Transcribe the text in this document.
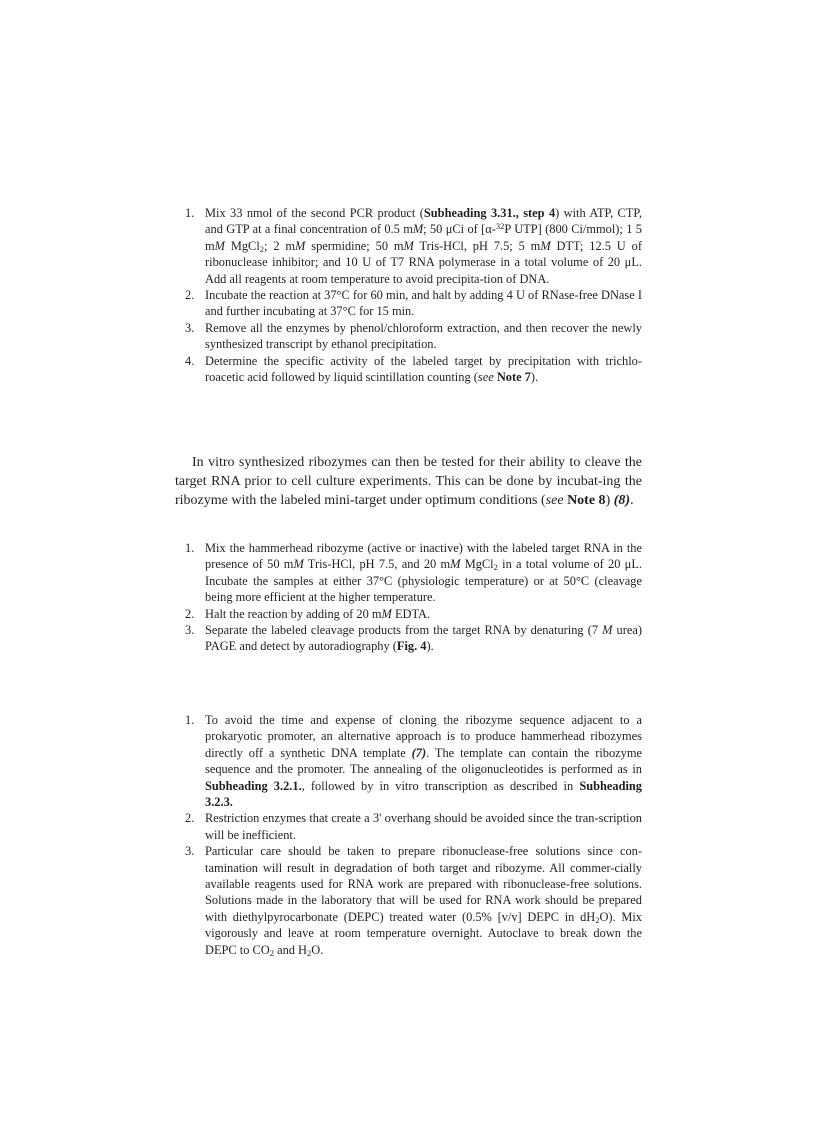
1. Mix 33 nmol of the second PCR product (Subheading 3.31., step 4) with ATP, CTP, and GTP at a final concentration of 0.5 mM; 50 μCi of [α-$^{32}$P UTP] (800 Ci/mmol); 1 5 mM MgCl$_2$; 2 mM spermidine; 50 mM Tris-HCl, pH 7.5; 5 mM DTT; 12.5 U of ribonuclease inhibitor; and 10 U of T7 RNA polymerase in a total volume of 20 μL. Add all reagents at room temperature to avoid precipita-tion of DNA.
2. Incubate the reaction at 37°C for 60 min, and halt by adding 4 U of RNase-free DNase I and further incubating at 37°C for 15 min.
3. Remove all the enzymes by phenol/chloroform extraction, and then recover the newly synthesized transcript by ethanol precipitation.
4. Determine the specific activity of the labeled target by precipitation with trichlo-roacetic acid followed by liquid scintillation counting (see Note 7).

In vitro synthesized ribozymes can then be tested for their ability to cleave the target RNA prior to cell culture experiments. This can be done by incubat-ing the ribozyme with the labeled mini-target under optimum conditions (see Note 8) (8).

1. Mix the hammerhead ribozyme (active or inactive) with the labeled target RNA in the presence of 50 mM Tris-HCl, pH 7.5, and 20 mM MgCl$_2$ in a total volume of 20 μL. Incubate the samples at either 37°C (physiologic temperature) or at 50°C (cleavage being more efficient at the higher temperature.
2. Halt the reaction by adding of 20 mM EDTA.
3. Separate the labeled cleavage products from the target RNA by denaturing (7 M urea) PAGE and detect by autoradiography (Fig. 4).
1. To avoid the time and expense of cloning the ribozyme sequence adjacent to a prokaryotic promoter, an alternative approach is to produce hammerhead ribozymes directly off a synthetic DNA template (7). The template can contain the ribozyme sequence and the promoter. The annealing of the oligonucleotides is performed as in Subheading 3.2.1., followed by in vitro transcription as described in Subheading 3.2.3.
2. Restriction enzymes that create a 3' overhang should be avoided since the tran-scription will be inefficient.
3. Particular care should be taken to prepare ribonuclease-free solutions since con-tamination will result in degradation of both target and ribozyme. All commer-cially available reagents used for RNA work are prepared with ribonuclease-free solutions. Solutions made in the laboratory that will be used for RNA work should be prepared with diethylpyrocarbonate (DEPC) treated water (0.5% [v/v] DEPC in $dH_2O$). Mix vigorously and leave at room temperature overnight. Autoclave to break down the DEPC to $CO_2$ and $H_2O$.
